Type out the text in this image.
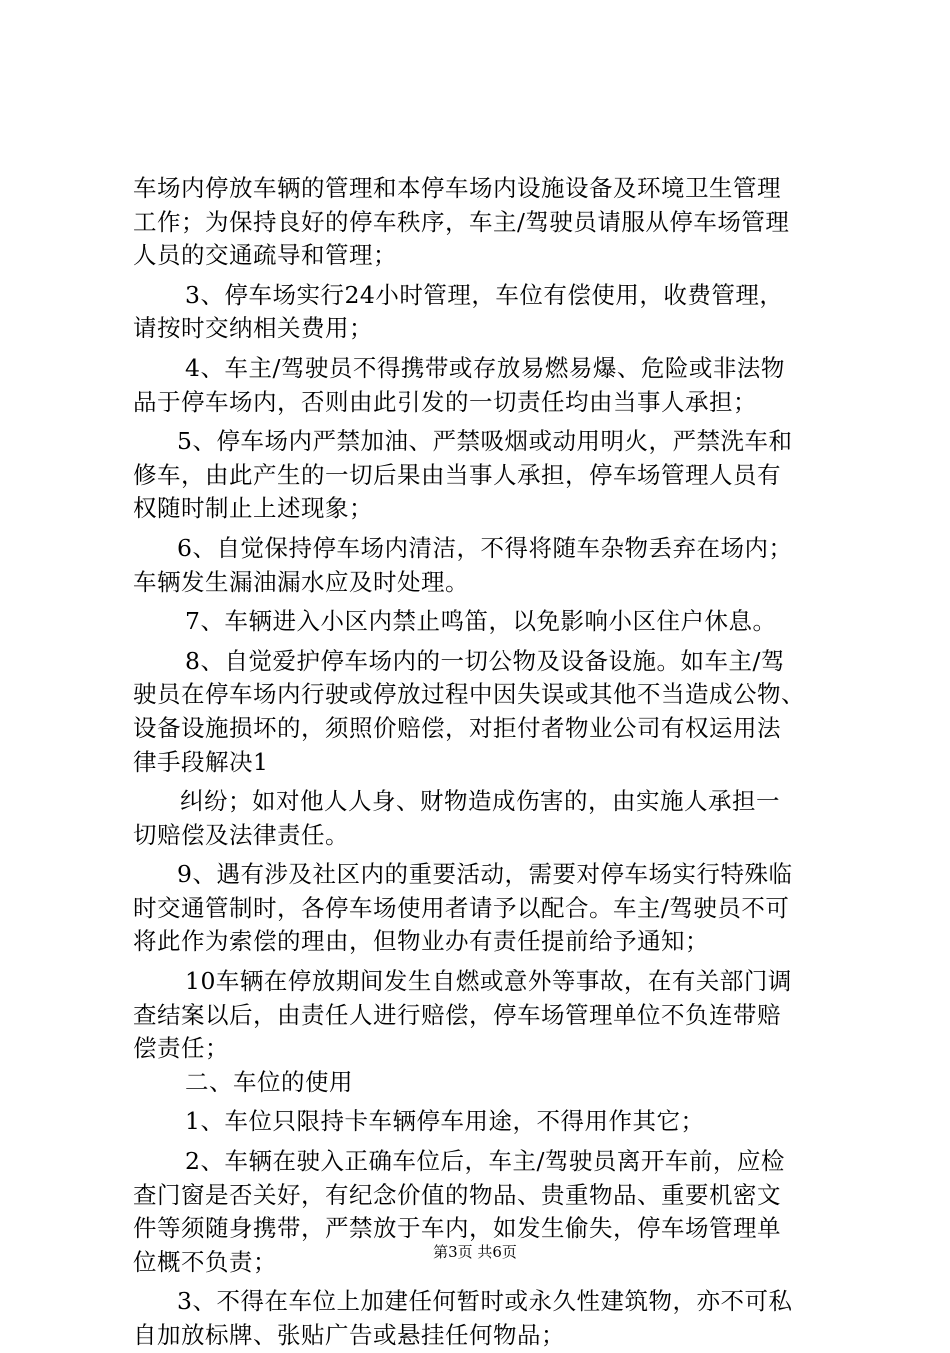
车场内停放车辆的管理和本停车场内设施设备及环境卫生管理
工作；为保持良好的停车秩序，车主/驾驶员请服从停车场管理
人员的交通疏导和管理；
3、停车场实行24小时管理，车位有偿使用，收费管理，
请按时交纳相关费用；
4、车主/驾驶员不得携带或存放易燃易爆、危险或非法物
品于停车场内，否则由此引发的一切责任均由当事人承担；
5、停车场内严禁加油、严禁吸烟或动用明火，严禁洗车和
修车，由此产生的一切后果由当事人承担，停车场管理人员有
权随时制止上述现象；
6、自觉保持停车场内清洁，不得将随车杂物丢弃在场内；
车辆发生漏油漏水应及时处理。
7、车辆进入小区内禁止鸣笛，以免影响小区住户休息。
8、自觉爱护停车场内的一切公物及设备设施。如车主/驾
驶员在停车场内行驶或停放过程中因失误或其他不当造成公物、
设备设施损坏的，须照价赔偿，对拒付者物业公司有权运用法
律手段解决1
纠纷；如对他人人身、财物造成伤害的，由实施人承担一
切赔偿及法律责任。
9、遇有涉及社区内的重要活动，需要对停车场实行特殊临
时交通管制时，各停车场使用者请予以配合。车主/驾驶员不可
将此作为索偿的理由，但物业办有责任提前给予通知；
10车辆在停放期间发生自燃或意外等事故，在有关部门调
查结案以后，由责任人进行赔偿，停车场管理单位不负连带赔
偿责任；
二、车位的使用
1、车位只限持卡车辆停车用途，不得用作其它；
2、车辆在驶入正确车位后，车主/驾驶员离开车前，应检
查门窗是否关好，有纪念价值的物品、贵重物品、重要机密文
件等须随身携带，严禁放于车内，如发生偷失，停车场管理单
位概不负责；
3、不得在车位上加建任何暂时或永久性建筑物，亦不可私
自加放标牌、张贴广告或悬挂任何物品；
第3页 共6页
